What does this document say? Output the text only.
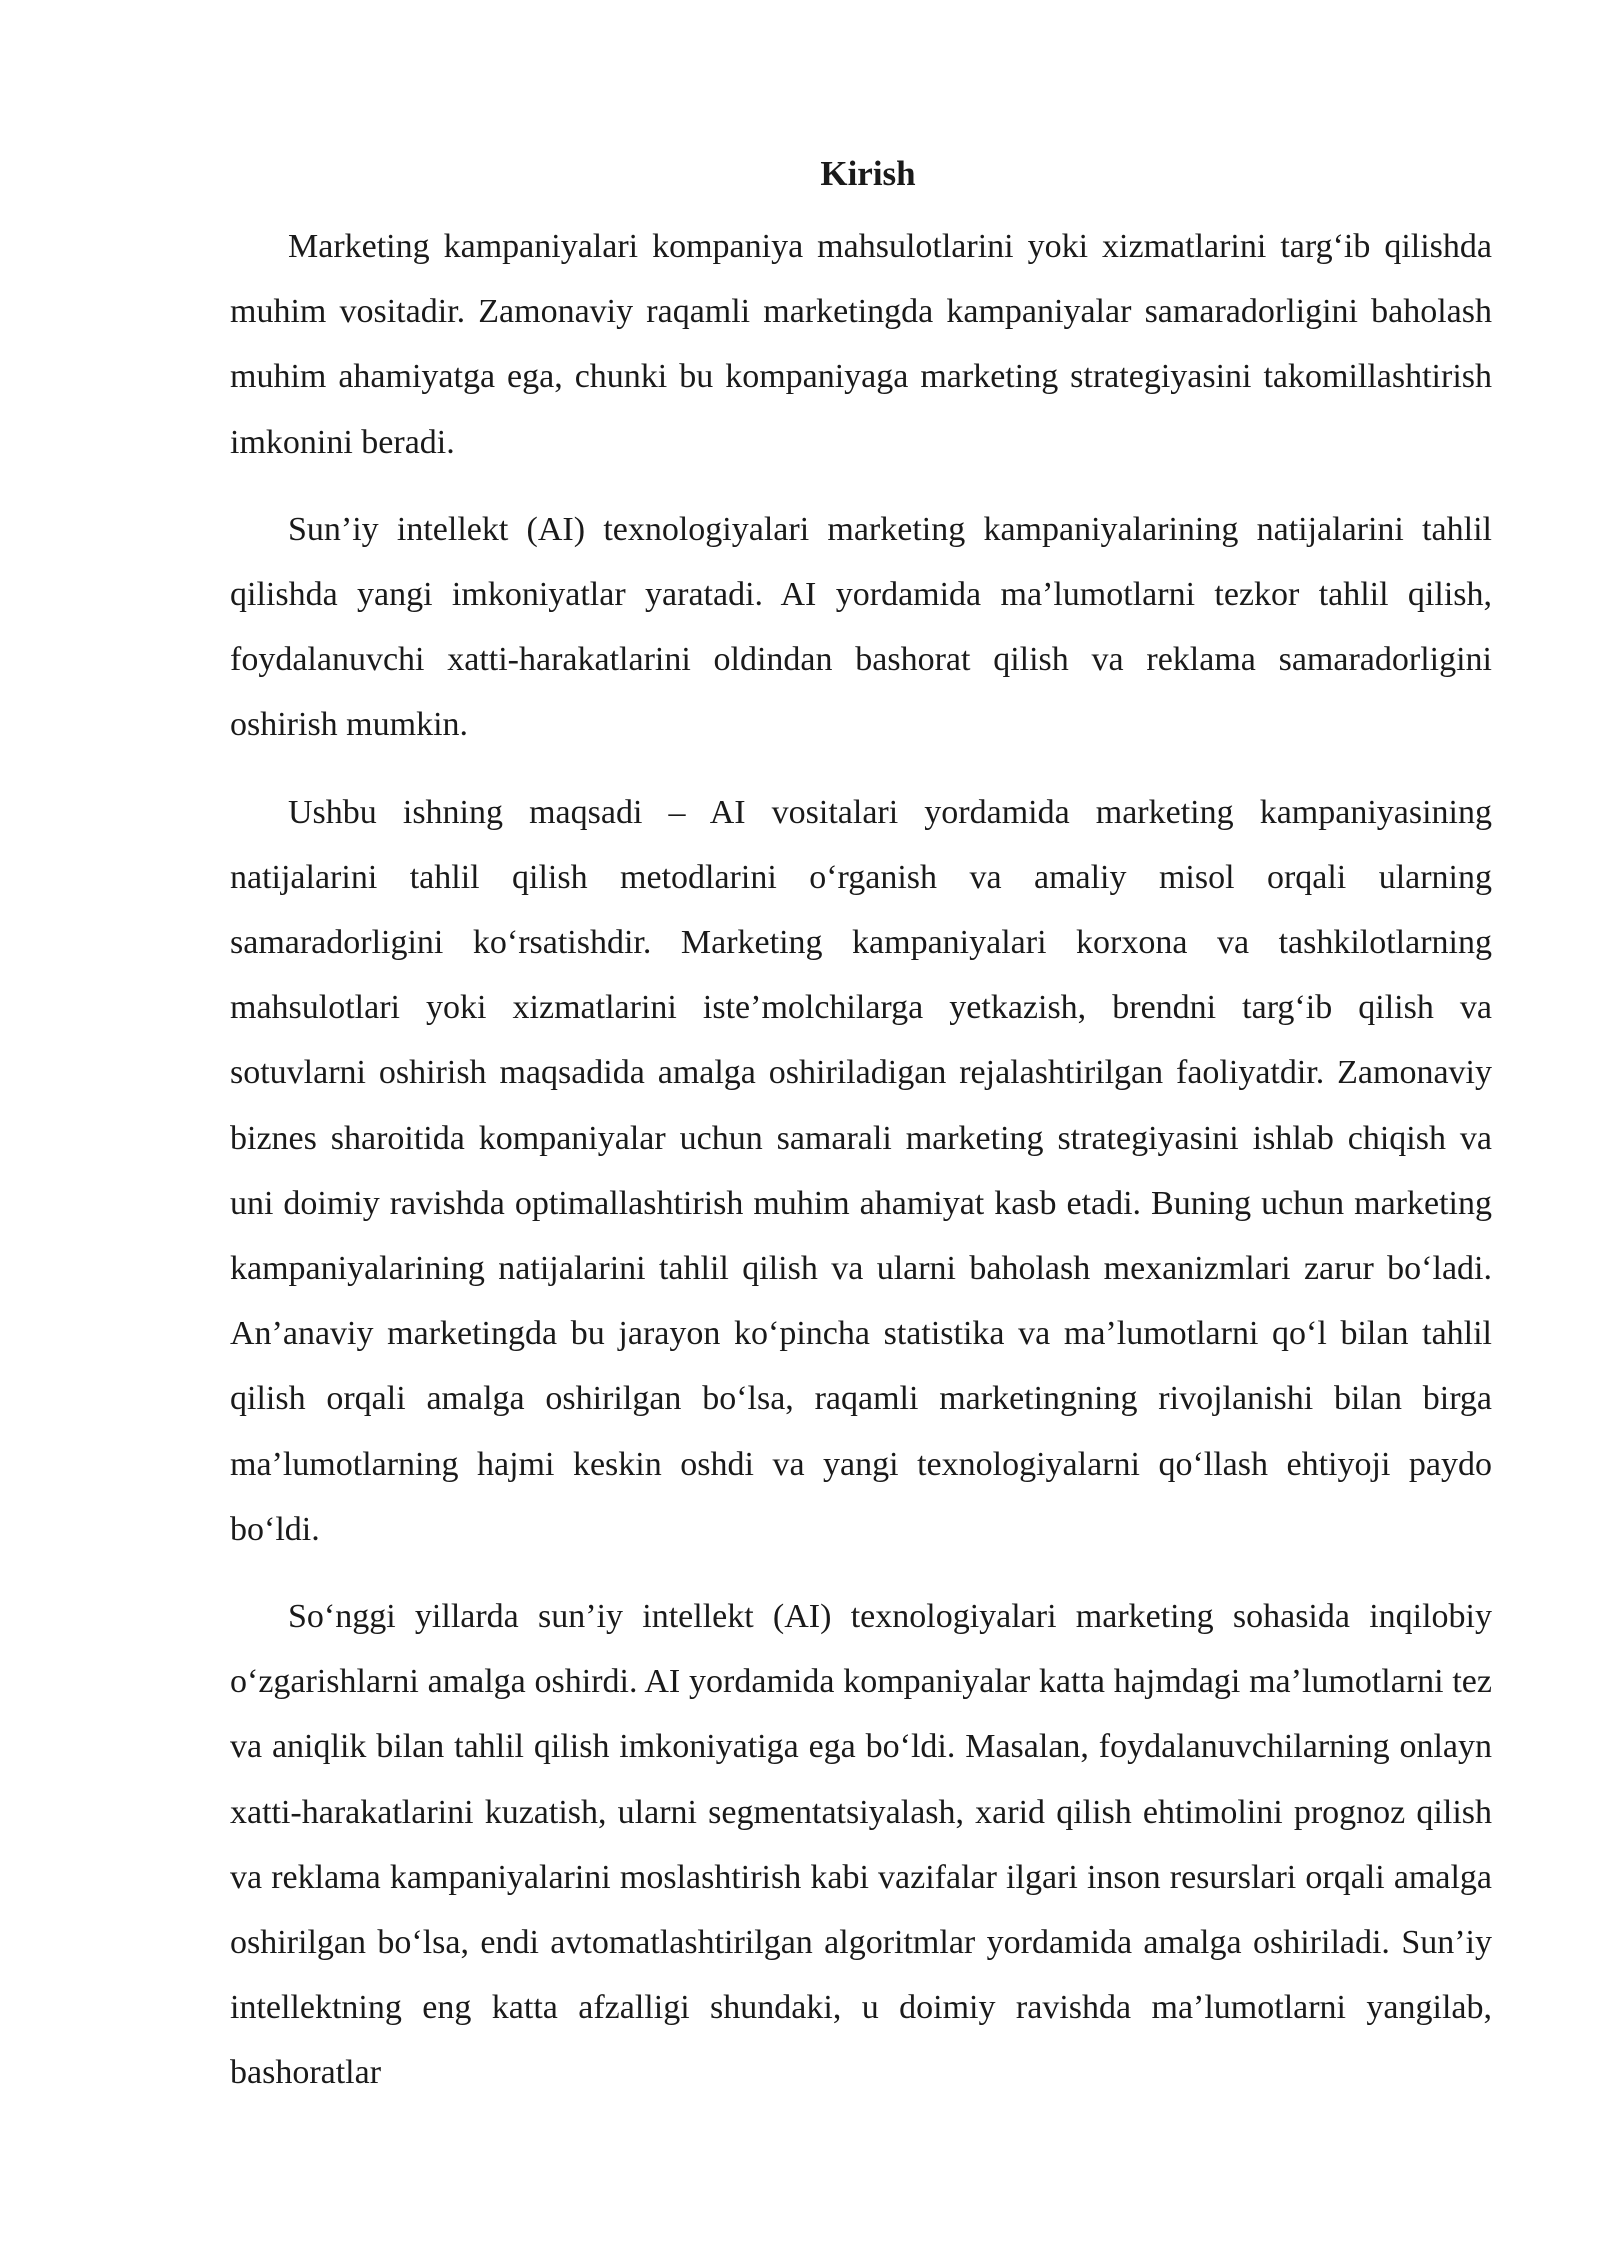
Kirish

Marketing kampaniyalari kompaniya mahsulotlarini yoki xizmatlarini targ‘ib qilishda muhim vositadir. Zamonaviy raqamli marketingda kampaniyalar samaradorligini baholash muhim ahamiyatga ega, chunki bu kompaniyaga marketing strategiyasini takomillashtirish imkonini beradi.

Sun’iy intellekt (AI) texnologiyalari marketing kampaniyalarining natijalarini tahlil qilishda yangi imkoniyatlar yaratadi. AI yordamida ma’lumotlarni tezkor tahlil qilish, foydalanuvchi xatti-harakatlarini oldindan bashorat qilish va reklama samaradorligini oshirish mumkin.

Ushbu ishning maqsadi – AI vositalari yordamida marketing kampaniyasining natijalarini tahlil qilish metodlarini o‘rganish va amaliy misol orqali ularning samaradorligini ko‘rsatishdir. Marketing kampaniyalari korxona va tashkilotlarning mahsulotlari yoki xizmatlarini iste’molchilarga yetkazish, brendni targ‘ib qilish va sotuvlarni oshirish maqsadida amalga oshiriladigan rejalashtirilgan faoliyatdir. Zamonaviy biznes sharoitida kompaniyalar uchun samarali marketing strategiyasini ishlab chiqish va uni doimiy ravishda optimallashtirish muhim ahamiyat kasb etadi. Buning uchun marketing kampaniyalarining natijalarini tahlil qilish va ularni baholash mexanizmlari zarur bo‘ladi. An’anaviy marketingda bu jarayon ko‘pincha statistika va ma’lumotlarni qo‘l bilan tahlil qilish orqali amalga oshirilgan bo‘lsa, raqamli marketingning rivojlanishi bilan birga ma’lumotlarning hajmi keskin oshdi va yangi texnologiyalarni qo‘llash ehtiyoji paydo bo‘ldi.

So‘nggi yillarda sun’iy intellekt (AI) texnologiyalari marketing sohasida inqilobiy o‘zgarishlarni amalga oshirdi. AI yordamida kompaniyalar katta hajmdagi ma’lumotlarni tez va aniqlik bilan tahlil qilish imkoniyatiga ega bo‘ldi. Masalan, foydalanuvchilarning onlayn xatti-harakatlarini kuzatish, ularni segmentatsiyalash, xarid qilish ehtimolini prognoz qilish va reklama kampaniyalarini moslashtirish kabi vazifalar ilgari inson resurslari orqali amalga oshirilgan bo‘lsa, endi avtomatlashtirilgan algoritmlar yordamida amalga oshiriladi. Sun’iy intellektning eng katta afzalligi shundaki, u doimiy ravishda ma’lumotlarni yangilab, bashoratlar
